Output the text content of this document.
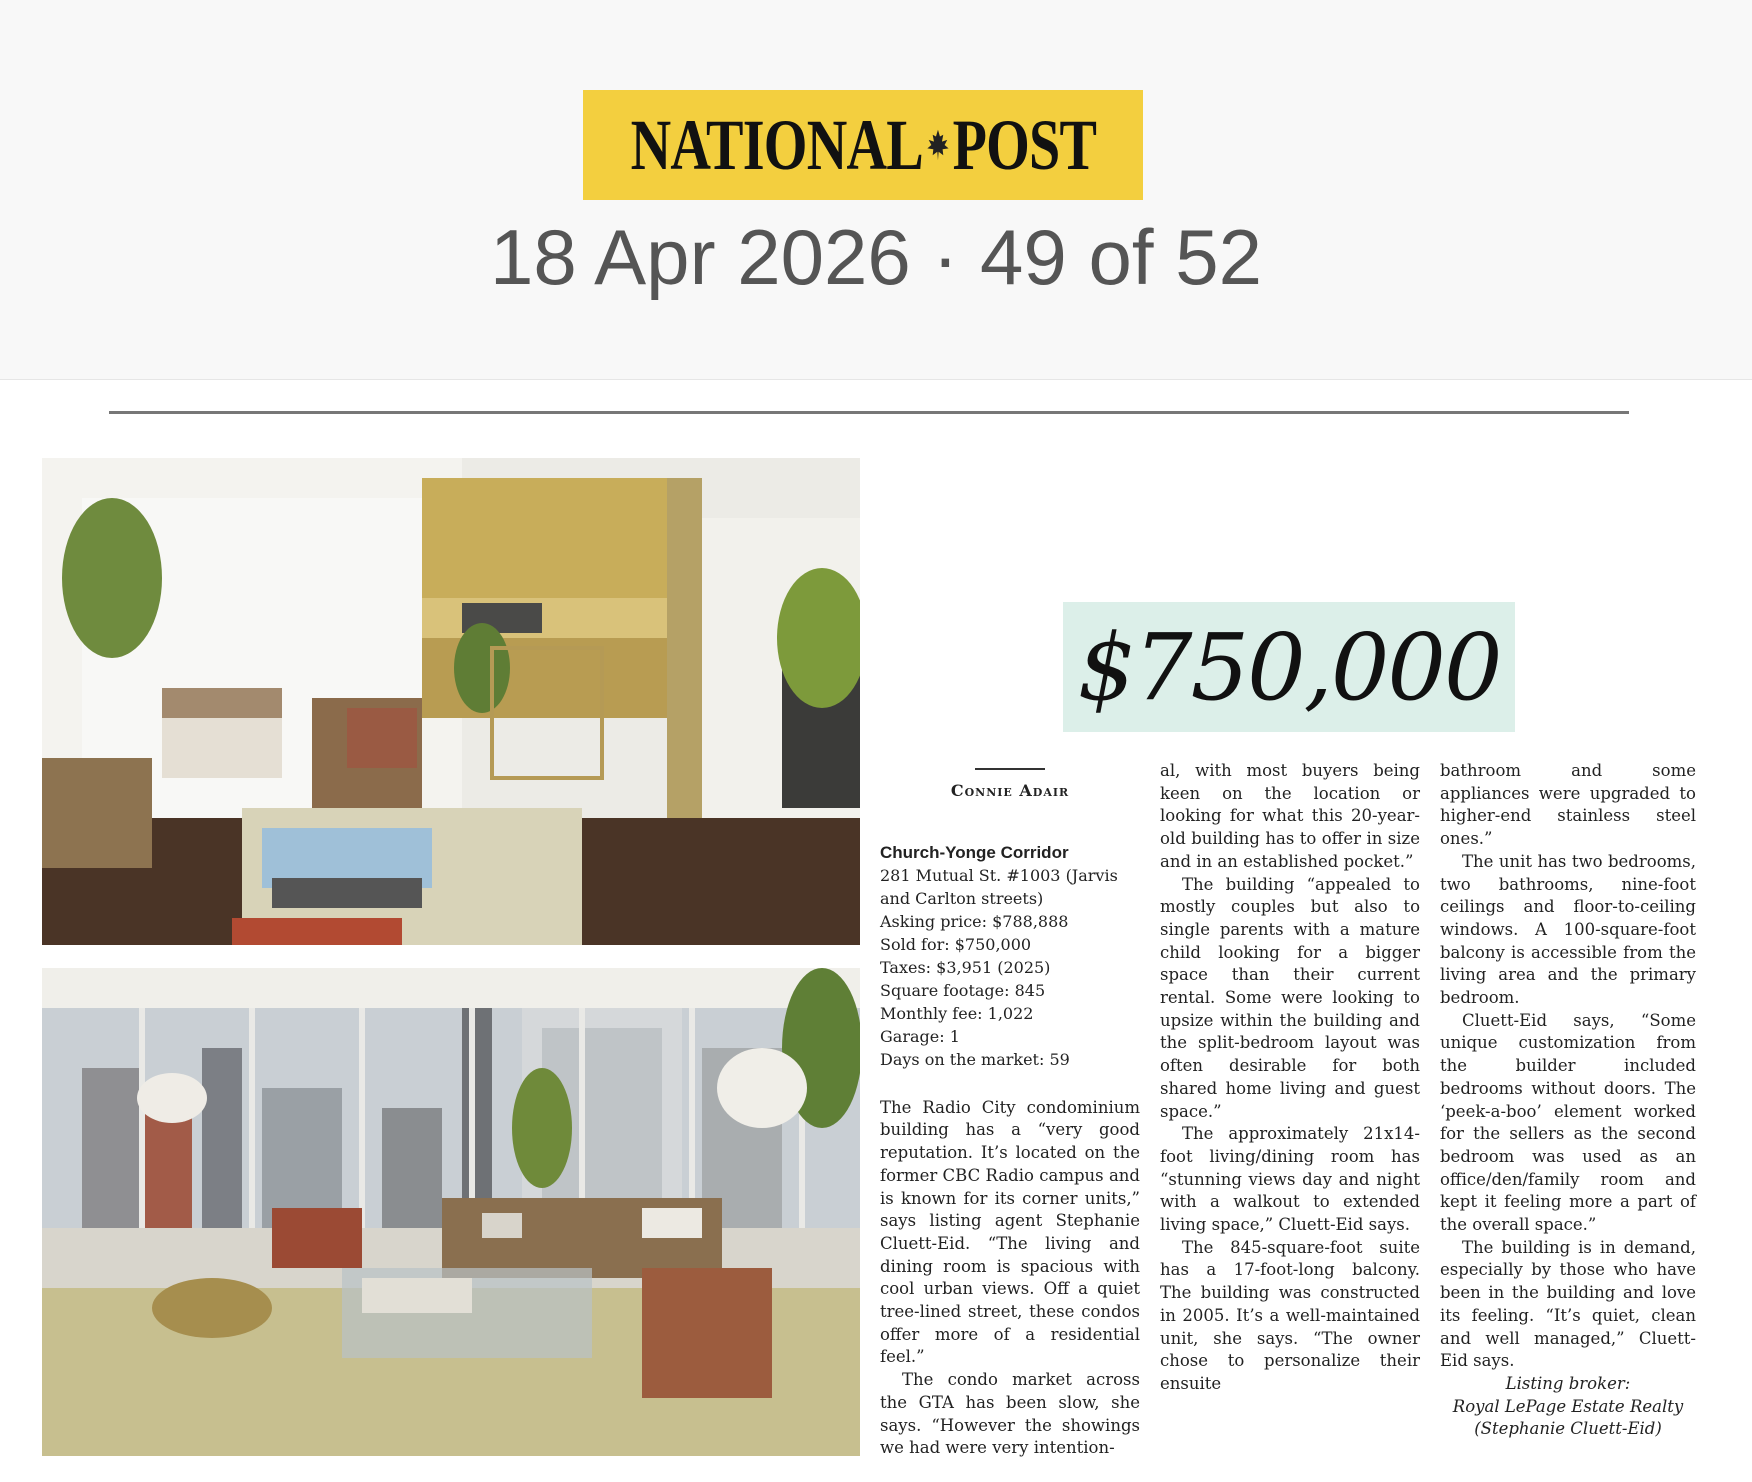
NATIONAL POST
18 Apr 2026 · 49 of 52
$750,000
Connie Adair
Church-Yonge Corridor
281 Mutual St. #1003 (Jarvis and Carlton streets)
Asking price: $788,888
Sold for: $750,000
Taxes: $3,951 (2025)
Square footage: 845
Monthly fee: 1,022
Garage: 1
Days on the market: 59

The Radio City condominium building has a “very good reputation. It’s located on the former CBC Radio campus and is known for its corner units,” says listing agent Stephanie Cluett-Eid. “The living and dining room is spacious with cool urban views. Off a quiet tree-lined street, these condos offer more of a residential feel.”

The condo market across the GTA has been slow, she says. “However the showings we had were very intention-

al, with most buyers being keen on the location or looking for what this 20-year-old building has to offer in size and in an established pocket.”

The building “appealed to mostly couples but also to single parents with a mature child looking for a bigger space than their current rental. Some were looking to upsize within the building and the split-bedroom layout was often desirable for both shared home living and guest space.”

The approximately 21x14-foot living/dining room has “stunning views day and night with a walkout to extended living space,” Cluett-Eid says.

The 845-square-foot suite has a 17-foot-long balcony. The building was constructed in 2005. It’s a well-maintained unit, she says. “The owner chose to personalize their ensuite

bathroom and some appliances were upgraded to higher-end stainless steel ones.”

The unit has two bedrooms, two bathrooms, nine-foot ceilings and floor-to-ceiling windows. A 100-square-foot balcony is accessible from the living area and the primary bedroom.

Cluett-Eid says, “Some unique customization from the builder included bedrooms without doors. The ‘peek-a-boo’ element worked for the sellers as the second bedroom was used as an office/den/family room and kept it feeling more a part of the overall space.”

The building is in demand, especially by those who have been in the building and love its feeling. “It’s quiet, clean and well managed,” Cluett-Eid says.

Listing broker:
Royal LePage Estate Realty
(Stephanie Cluett-Eid)
